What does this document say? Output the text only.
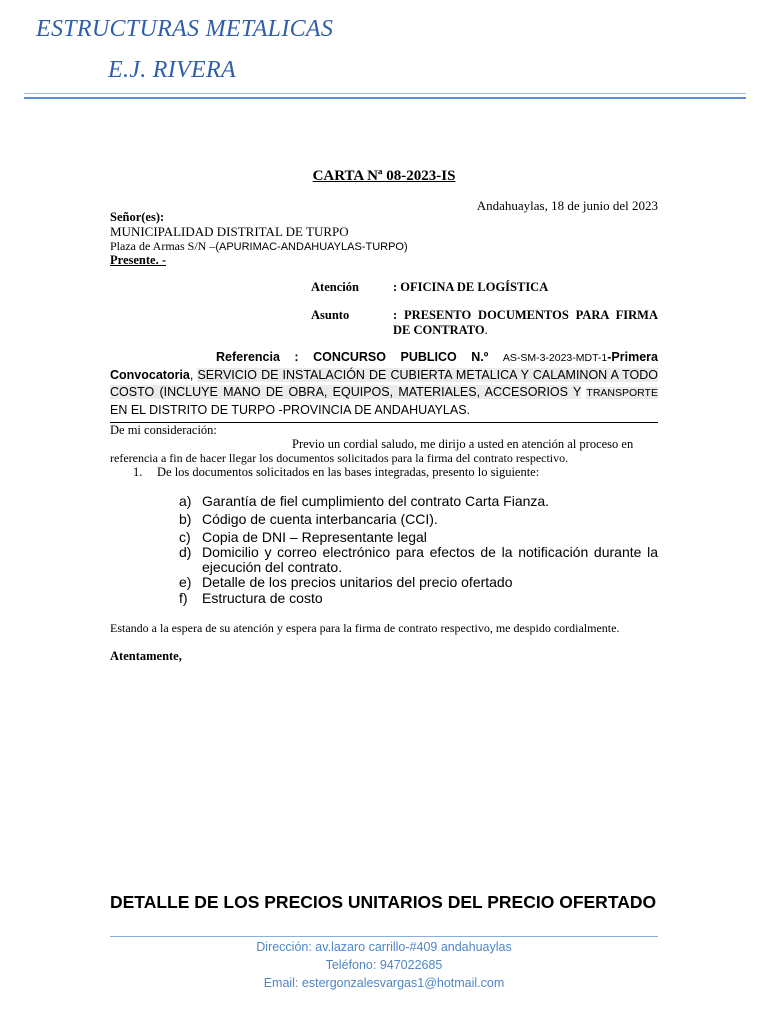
ESTRUCTURAS METALICAS
E.J. RIVERA
CARTA Nª 08-2023-IS
Andahuaylas, 18 de junio del 2023
Señor(es):
MUNICIPALIDAD DISTRITAL DE TURPO
Plaza de Armas S/N –(APURIMAC-ANDAHUAYLAS-TURPO)
Presente. -
Atención	: OFICINA DE LOGÍSTICA
Asunto	: PRESENTO DOCUMENTOS PARA FIRMA DE CONTRATO.
Referencia : CONCURSO PUBLICO N.º AS-SM-3-2023-MDT-1-Primera Convocatoria, SERVICIO DE INSTALACIÓN DE CUBIERTA METALICA Y CALAMINON A TODO COSTO (INCLUYE MANO DE OBRA, EQUIPOS, MATERIALES, ACCESORIOS Y TRANSPORTE EN EL DISTRITO DE TURPO -PROVINCIA DE ANDAHUAYLAS.
De mi consideración:
Previo un cordial saludo, me dirijo a usted en atención al proceso en
referencia a fin de hacer llegar los documentos solicitados para la firma del contrato respectivo.
1. De los documentos solicitados en las bases integradas, presento lo siguiente:
a) Garantía de fiel cumplimiento del contrato Carta Fianza.
b) Código de cuenta interbancaria (CCI).
c) Copia de DNI – Representante legal
d) Domicilio y correo electrónico para efectos de la notificación durante la ejecución del contrato.
e) Detalle de los precios unitarios del precio ofertado
f) Estructura de costo
Estando a la espera de su atención y espera para la firma de contrato respectivo, me despido cordialmente.
Atentamente,
DETALLE DE LOS PRECIOS UNITARIOS DEL PRECIO OFERTADO
Dirección: av.lazaro carrillo-#409 andahuaylas
Teléfono: 947022685
Email: estergonzalesvargas1@hotmail.com
